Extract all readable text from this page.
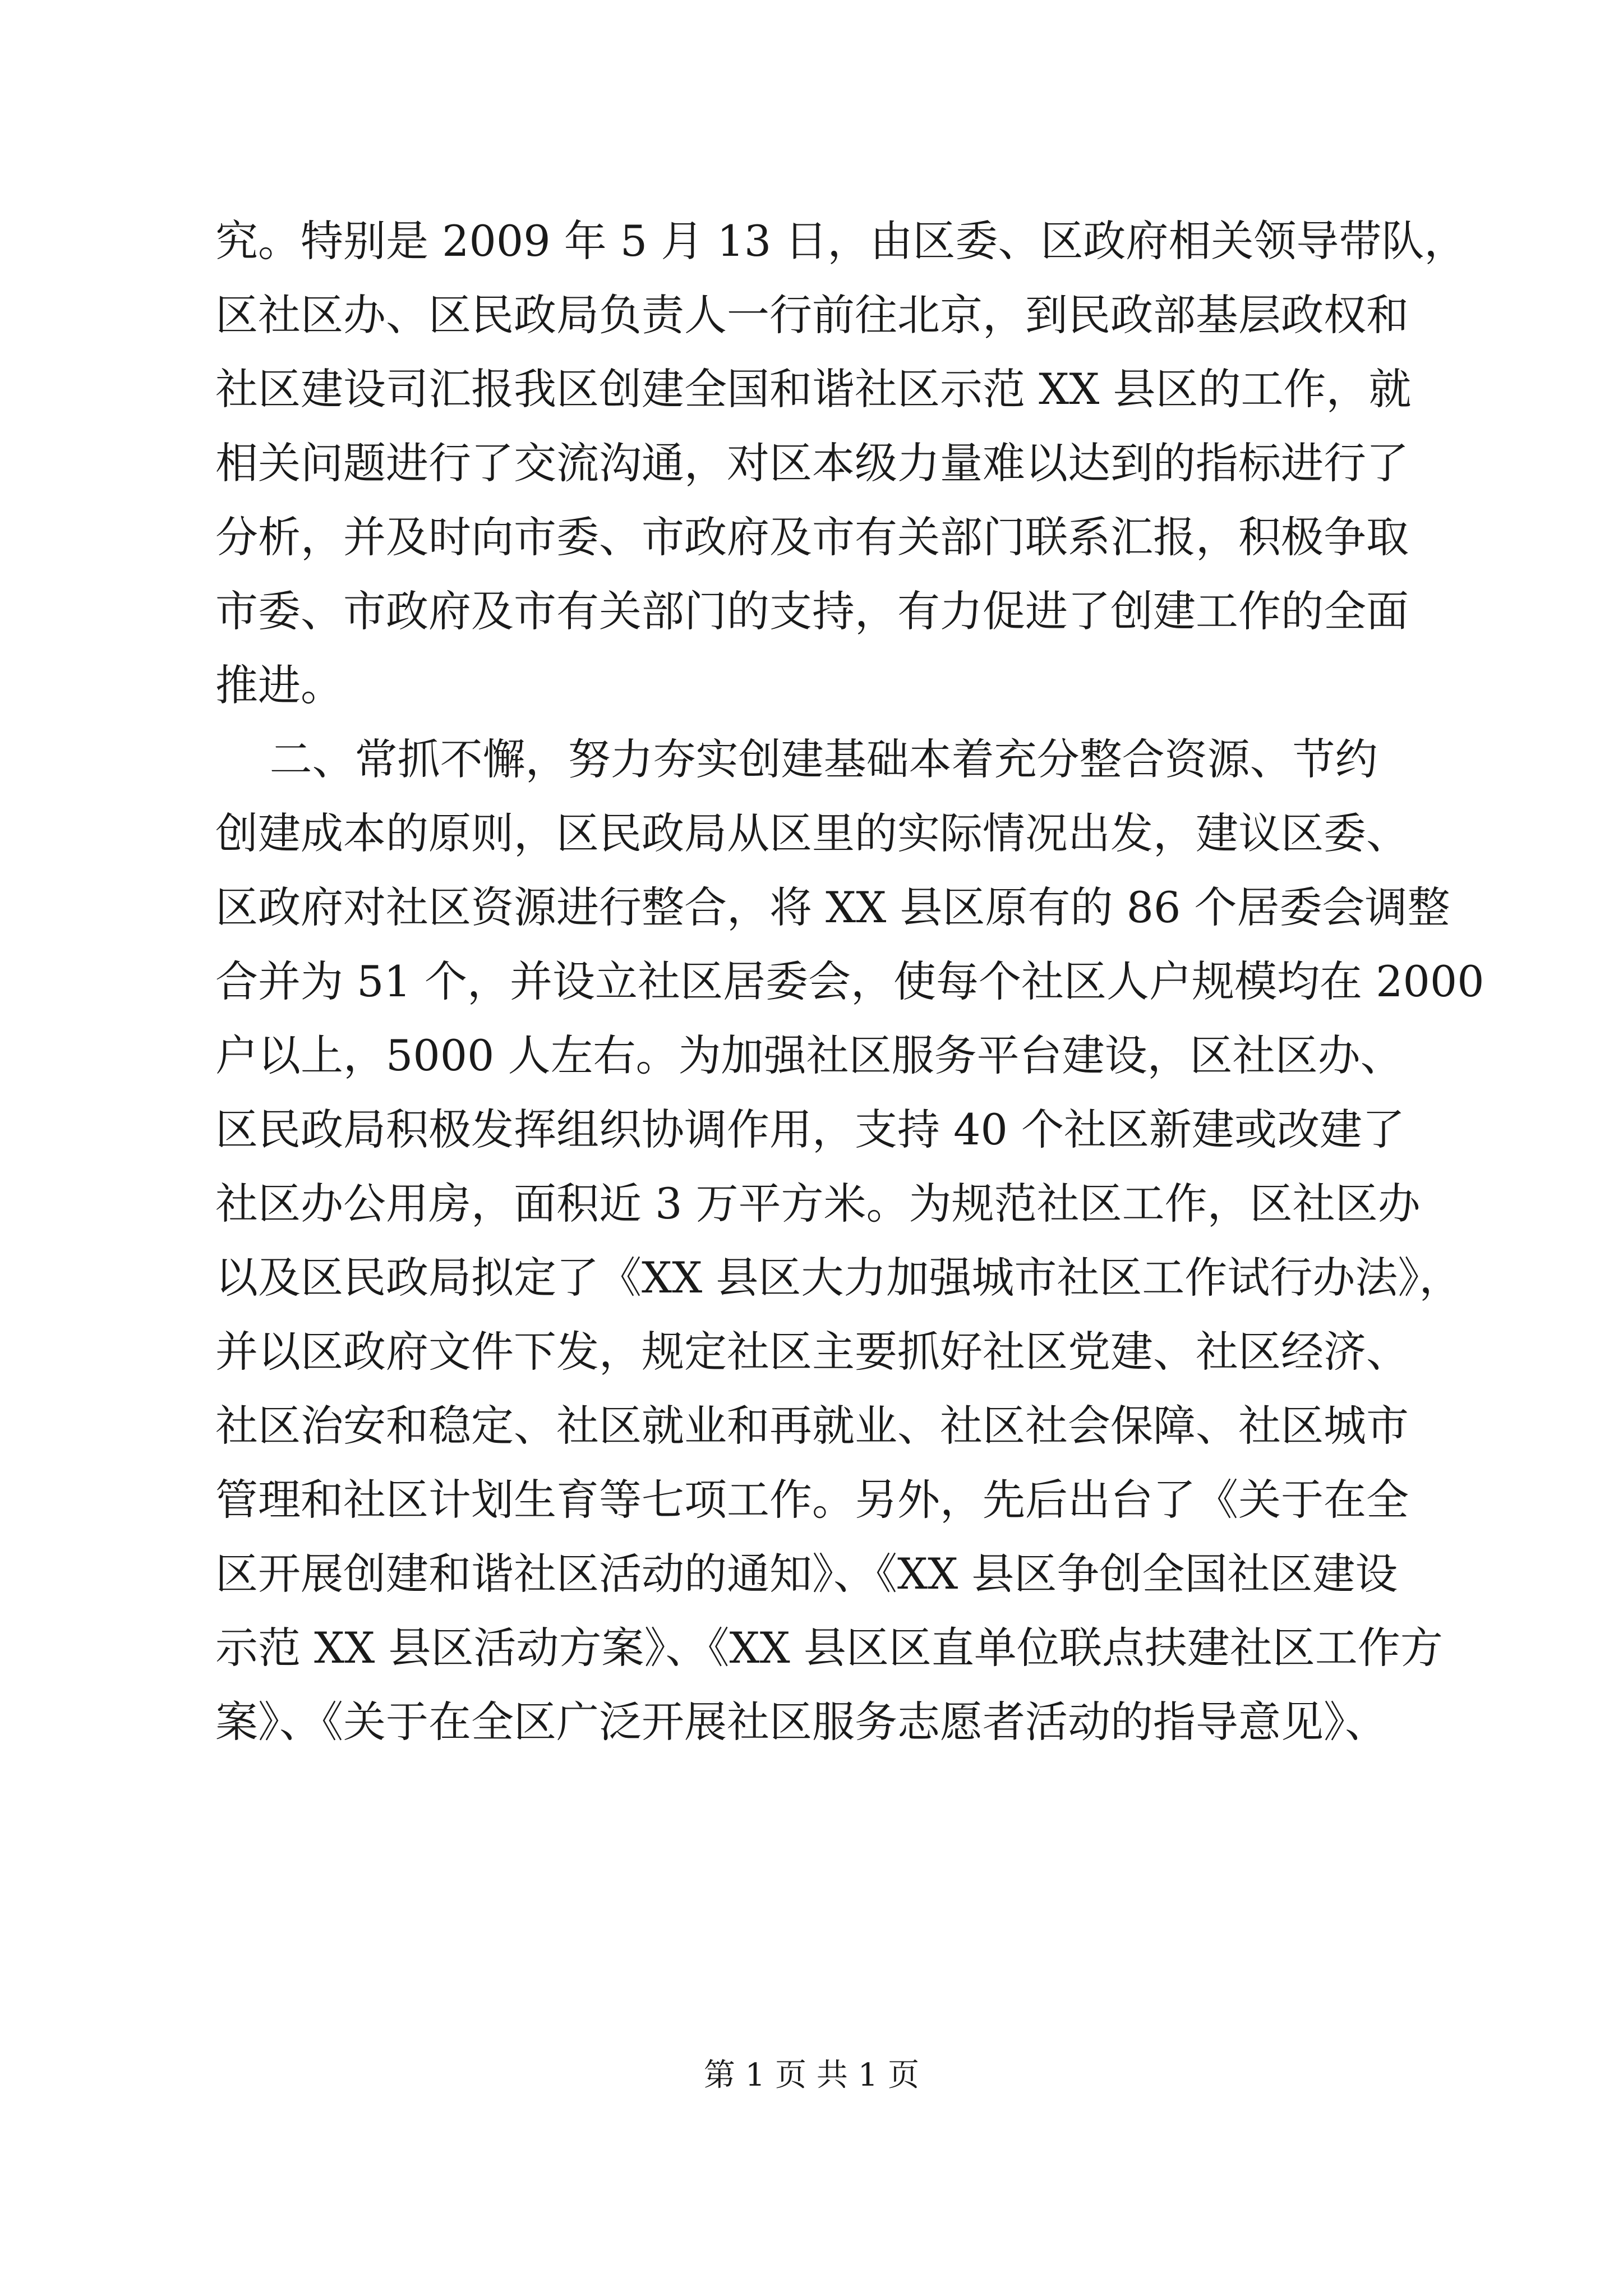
究。特别是 2009 年 5 月 13 日，由区委、区政府相关领导带队，
区社区办、区民政局负责人一行前往北京，到民政部基层政权和
社区建设司汇报我区创建全国和谐社区示范 XX 县区的工作，就
相关问题进行了交流沟通，对区本级力量难以达到的指标进行了
分析，并及时向市委、市政府及市有关部门联系汇报，积极争取
市委、市政府及市有关部门的支持，有力促进了创建工作的全面
推进。
二、常抓不懈，努力夯实创建基础本着充分整合资源、节约
创建成本的原则，区民政局从区里的实际情况出发，建议区委、
区政府对社区资源进行整合，将 XX 县区原有的 86 个居委会调整
合并为 51 个，并设立社区居委会，使每个社区人户规模均在 2000
户以上，5000 人左右。为加强社区服务平台建设，区社区办、
区民政局积极发挥组织协调作用，支持 40 个社区新建或改建了
社区办公用房，面积近 3 万平方米。为规范社区工作，区社区办
以及区民政局拟定了《XX 县区大力加强城市社区工作试行办法》，
并以区政府文件下发，规定社区主要抓好社区党建、社区经济、
社区治安和稳定、社区就业和再就业、社区社会保障、社区城市
管理和社区计划生育等七项工作。另外，先后出台了《关于在全
区开展创建和谐社区活动的通知》、《XX 县区争创全国社区建设
示范 XX 县区活动方案》、《XX 县区区直单位联点扶建社区工作方
案》、《关于在全区广泛开展社区服务志愿者活动的指导意见》、
第 1 页 共 1 页
